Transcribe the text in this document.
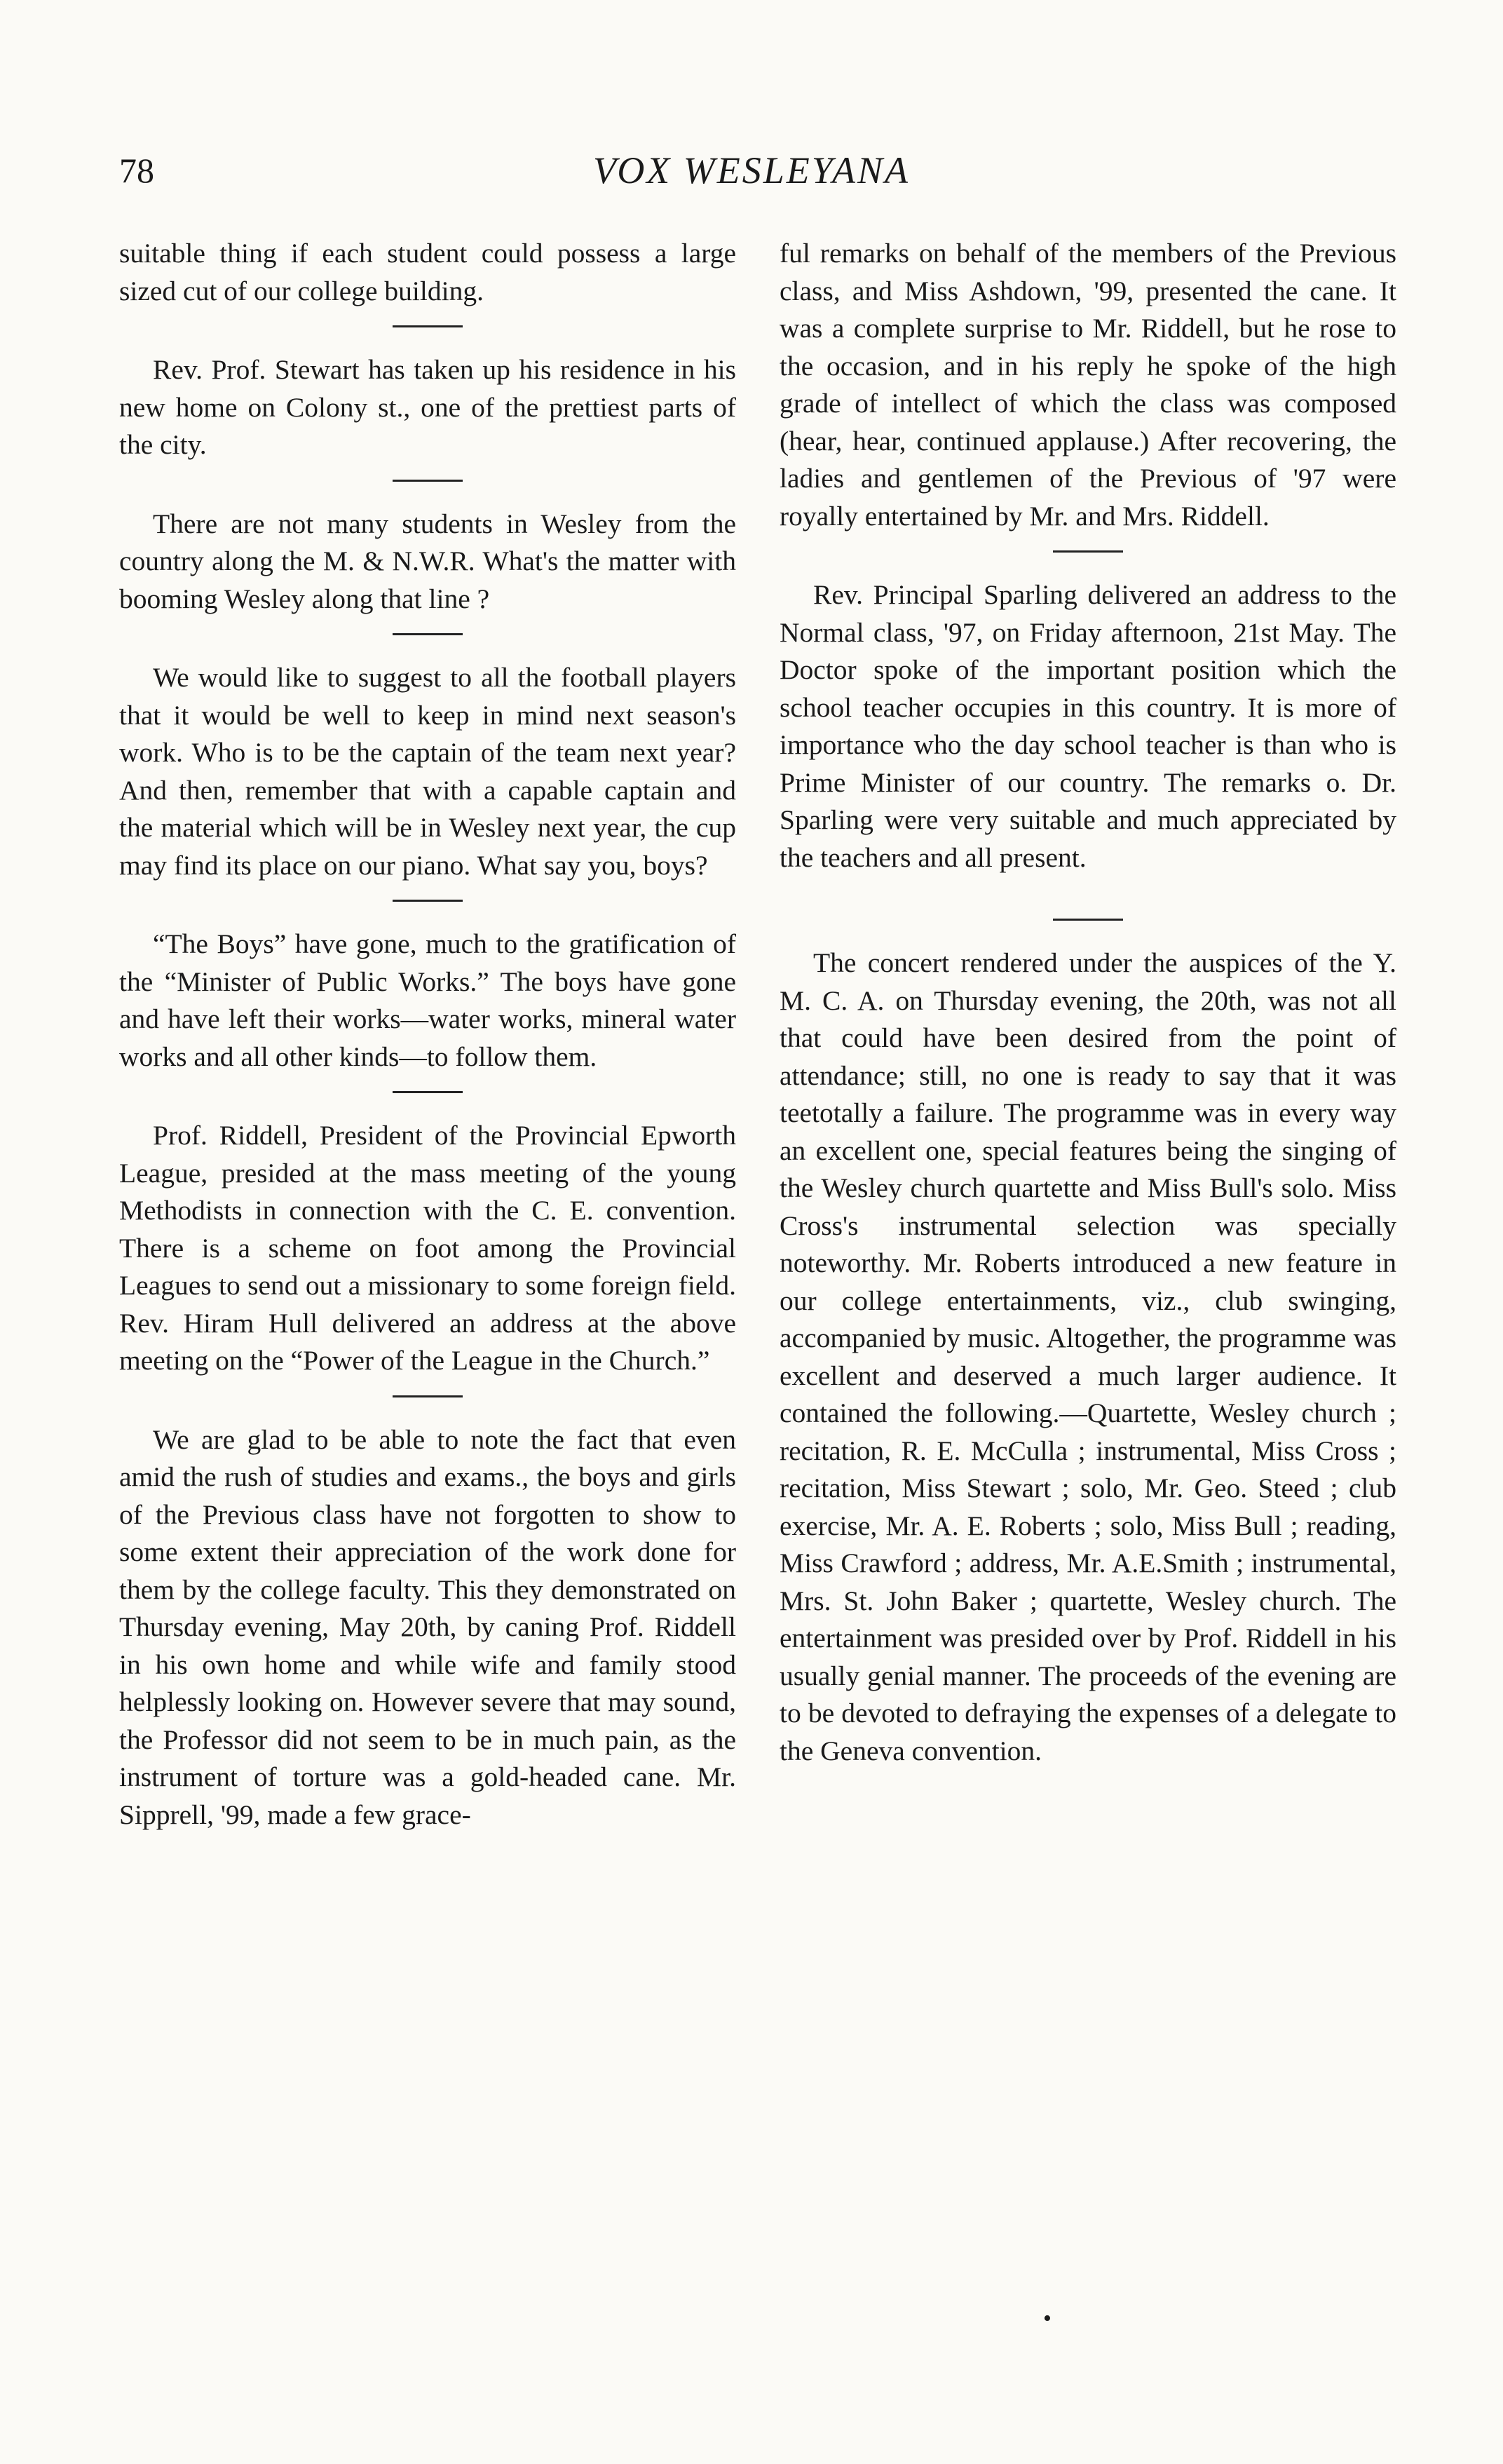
78	VOX WESLEYANA

suitable thing if each student could possess a large sized cut of our college building.

Rev. Prof. Stewart has taken up his residence in his new home on Colony st., one of the prettiest parts of the city.

There are not many students in Wesley from the country along the M. & N.W.R. What's the matter with booming Wesley along that line ?

We would like to suggest to all the football players that it would be well to keep in mind next season's work. Who is to be the captain of the team next year? And then, remember that with a capable captain and the material which will be in Wesley next year, the cup may find its place on our piano. What say you, boys?

“The Boys” have gone, much to the gratification of the “Minister of Public Works.” The boys have gone and have left their works—water works, mineral water works and all other kinds—to follow them.

Prof. Riddell, President of the Provincial Epworth League, presided at the mass meeting of the young Methodists in connection with the C. E. convention. There is a scheme on foot among the Provincial Leagues to send out a missionary to some foreign field. Rev. Hiram Hull delivered an address at the above meeting on the “Power of the League in the Church.”

We are glad to be able to note the fact that even amid the rush of studies and exams., the boys and girls of the Previous class have not forgotten to show to some extent their appreciation of the work done for them by the college faculty. This they demonstrated on Thursday evening, May 20th, by caning Prof. Riddell in his own home and while wife and family stood helplessly looking on. However severe that may sound, the Professor did not seem to be in much pain, as the instrument of torture was a gold-headed cane. Mr. Sipprell, '99, made a few grace-

ful remarks on behalf of the members of the Previous class, and Miss Ashdown, '99, presented the cane. It was a complete surprise to Mr. Riddell, but he rose to the occasion, and in his reply he spoke of the high grade of intellect of which the class was composed (hear, hear, continued applause.) After recovering, the ladies and gentlemen of the Previous of '97 were royally entertained by Mr. and Mrs. Riddell.

Rev. Principal Sparling delivered an address to the Normal class, '97, on Friday afternoon, 21st May. The Doctor spoke of the important position which the school teacher occupies in this country. It is more of importance who the day school teacher is than who is Prime Minister of our country. The remarks o. Dr. Sparling were very suitable and much appreciated by the teachers and all present.

The concert rendered under the auspices of the Y. M. C. A. on Thursday evening, the 20th, was not all that could have been desired from the point of attendance; still, no one is ready to say that it was teetotally a failure. The programme was in every way an excellent one, special features being the singing of the Wesley church quartette and Miss Bull's solo. Miss Cross's instrumental selection was specially noteworthy. Mr. Roberts introduced a new feature in our college entertainments, viz., club swinging, accompanied by music. Altogether, the programme was excellent and deserved a much larger audience. It contained the following.—Quartette, Wesley church ; recitation, R. E. McCulla ; instrumental, Miss Cross ; recitation, Miss Stewart ; solo, Mr. Geo. Steed ; club exercise, Mr. A. E. Roberts ; solo, Miss Bull ; reading, Miss Crawford ; address, Mr. A.E.Smith ; instrumental, Mrs. St. John Baker ; quartette, Wesley church. The entertainment was presided over by Prof. Riddell in his usually genial manner. The proceeds of the evening are to be devoted to defraying the expenses of a delegate to the Geneva convention.

•
